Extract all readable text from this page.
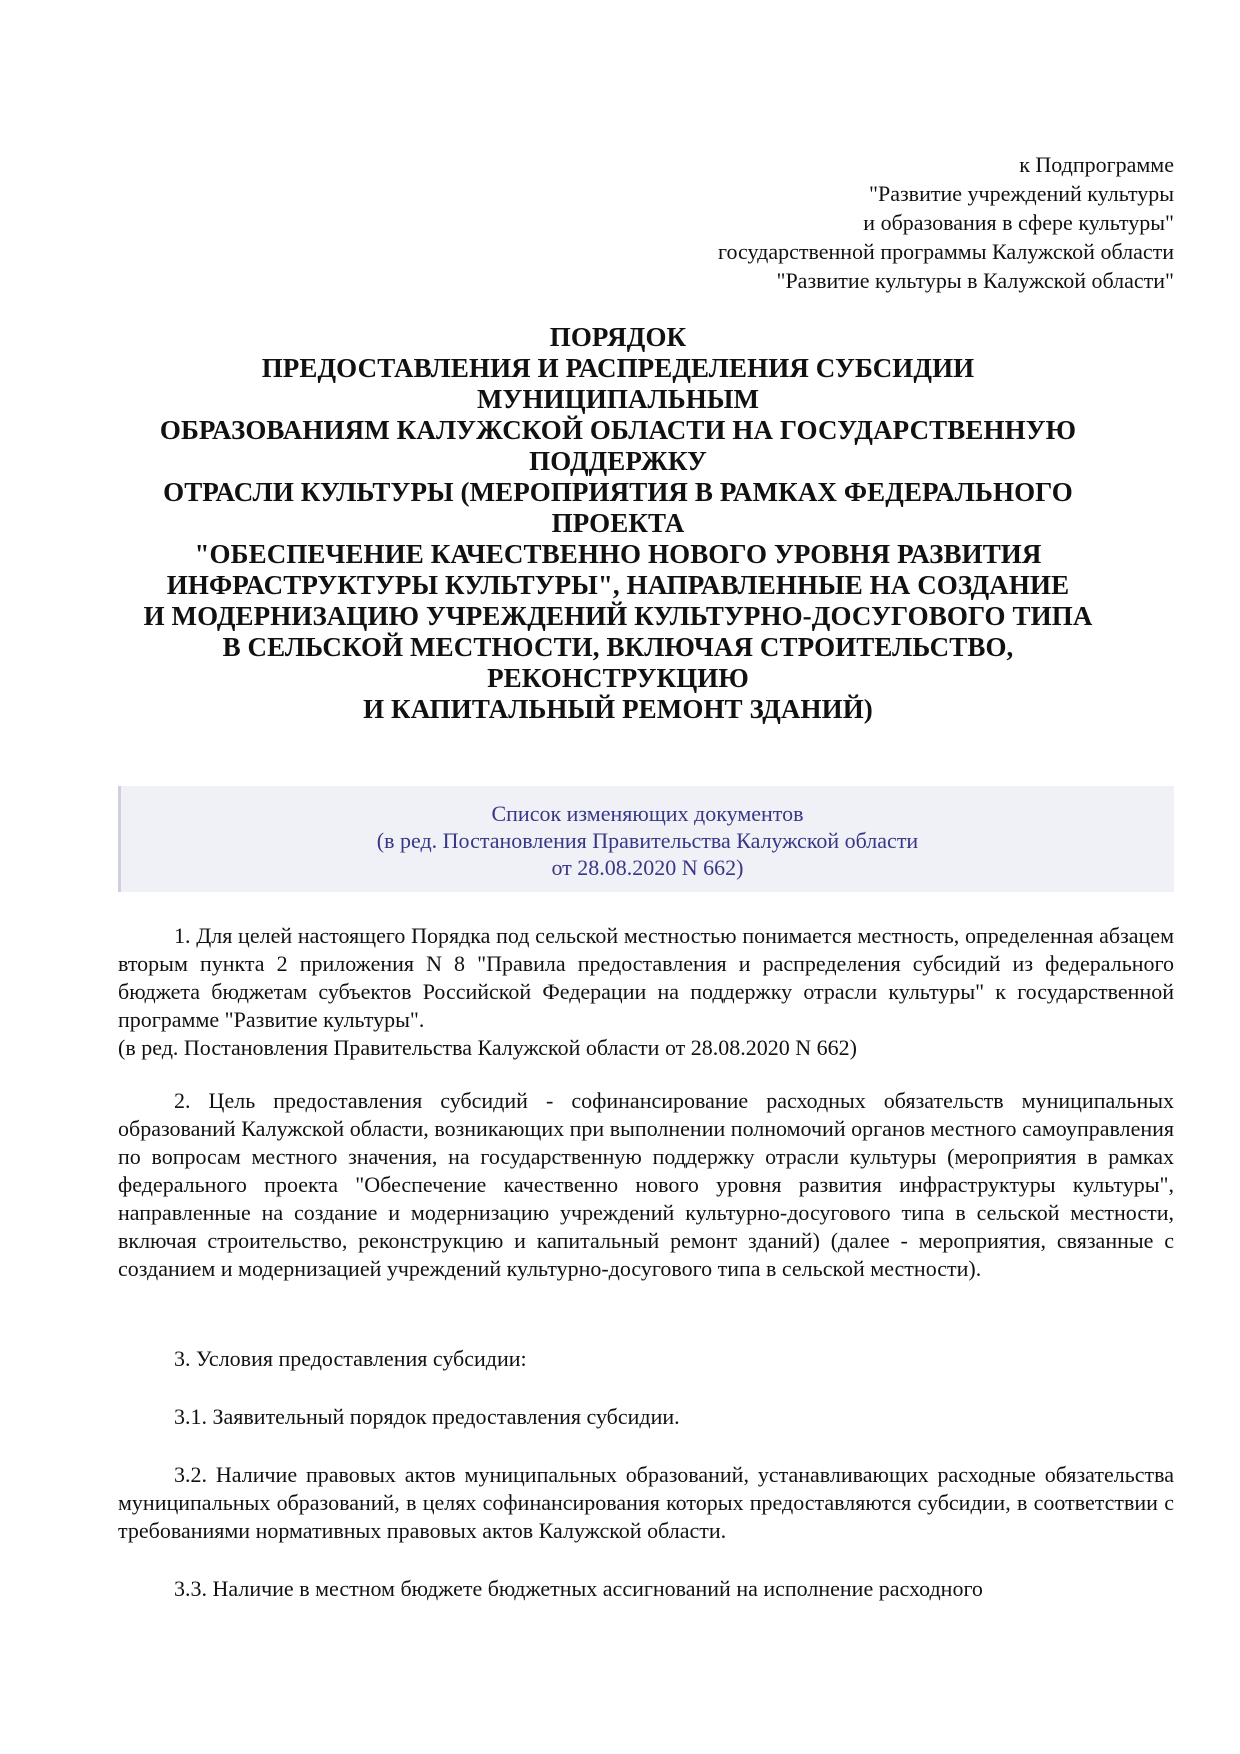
к Подпрограмме
"Развитие учреждений культуры
и образования в сфере культуры"
государственной программы Калужской области
"Развитие культуры в Калужской области"
ПОРЯДОК
ПРЕДОСТАВЛЕНИЯ И РАСПРЕДЕЛЕНИЯ СУБСИДИИ
МУНИЦИПАЛЬНЫМ
ОБРАЗОВАНИЯМ КАЛУЖСКОЙ ОБЛАСТИ НА ГОСУДАРСТВЕННУЮ
ПОДДЕРЖКУ
ОТРАСЛИ КУЛЬТУРЫ (МЕРОПРИЯТИЯ В РАМКАХ ФЕДЕРАЛЬНОГО
ПРОЕКТА
"ОБЕСПЕЧЕНИЕ КАЧЕСТВЕННО НОВОГО УРОВНЯ РАЗВИТИЯ
ИНФРАСТРУКТУРЫ КУЛЬТУРЫ", НАПРАВЛЕННЫЕ НА СОЗДАНИЕ
И МОДЕРНИЗАЦИЮ УЧРЕЖДЕНИЙ КУЛЬТУРНО-ДОСУГОВОГО ТИПА
В СЕЛЬСКОЙ МЕСТНОСТИ, ВКЛЮЧАЯ СТРОИТЕЛЬСТВО,
РЕКОНСТРУКЦИЮ
И КАПИТАЛЬНЫЙ РЕМОНТ ЗДАНИЙ)
Список изменяющих документов
(в ред. Постановления Правительства Калужской области
от 28.08.2020 N 662)
1. Для целей настоящего Порядка под сельской местностью понимается местность, определенная абзацем вторым пункта 2 приложения N 8 "Правила предоставления и распределения субсидий из федерального бюджета бюджетам субъектов Российской Федерации на поддержку отрасли культуры" к государственной программе "Развитие культуры".
(в ред. Постановления Правительства Калужской области от 28.08.2020 N 662)
2. Цель предоставления субсидий - софинансирование расходных обязательств муниципальных образований Калужской области, возникающих при выполнении полномочий органов местного самоуправления по вопросам местного значения, на государственную поддержку отрасли культуры (мероприятия в рамках федерального проекта "Обеспечение качественно нового уровня развития инфраструктуры культуры", направленные на создание и модернизацию учреждений культурно-досугового типа в сельской местности, включая строительство, реконструкцию и капитальный ремонт зданий) (далее - мероприятия, связанные с созданием и модернизацией учреждений культурно-досугового типа в сельской местности).
3. Условия предоставления субсидии:
3.1. Заявительный порядок предоставления субсидии.
3.2. Наличие правовых актов муниципальных образований, устанавливающих расходные обязательства муниципальных образований, в целях софинансирования которых предоставляются субсидии, в соответствии с требованиями нормативных правовых актов Калужской области.
3.3. Наличие в местном бюджете бюджетных ассигнований на исполнение расходного
